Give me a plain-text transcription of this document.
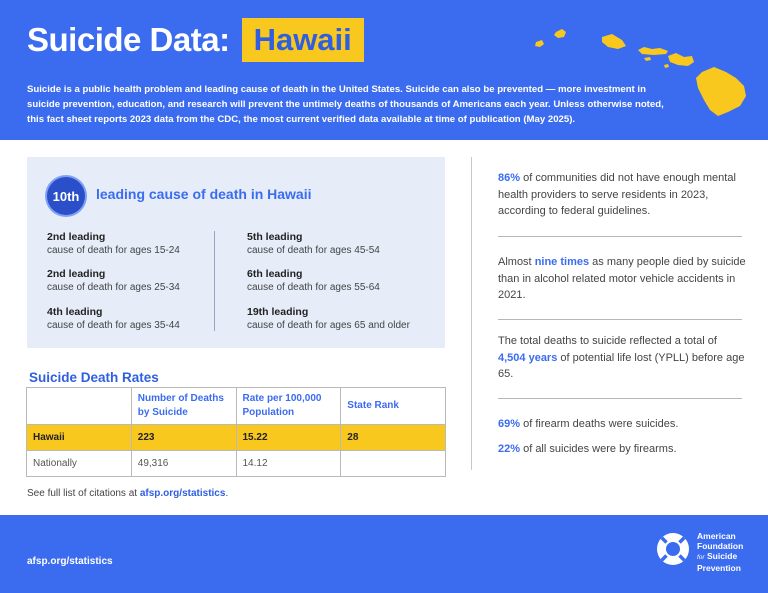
Suicide Data: Hawaii

Suicide is a public health problem and leading cause of death in the United States. Suicide can also be prevented — more investment in suicide prevention, education, and research will prevent the untimely deaths of thousands of Americans each year. Unless otherwise noted, this fact sheet reports 2023 data from the CDC, the most current verified data available at time of publication (May 2025).

10th	leading cause of death in Hawaii
2nd leading
cause of death for ages 15-24
2nd leading
cause of death for ages 25-34
4th leading
cause of death for ages 35-44
5th leading
cause of death for ages 45-54
6th leading
cause of death for ages 55-64
19th leading
cause of death for ages 65 and older
Suicide Death Rates
	Number of Deaths by Suicide	Rate per 100,000 Population	State Rank
Hawaii	223	15.22	28
Nationally	49,316	14.12	
See full list of citations at afsp.org/statistics.

86% of communities did not have enough mental health providers to serve residents in 2023, according to federal guidelines.

Almost nine times as many people died by suicide than in alcohol related motor vehicle accidents in 2021.

The total deaths to suicide reflected a total of 4,504 years of potential life lost (YPLL) before age 65.

69% of firearm deaths were suicides.

22% of all suicides were by firearms.

afsp.org/statistics
American
Foundation
for Suicide
Prevention
